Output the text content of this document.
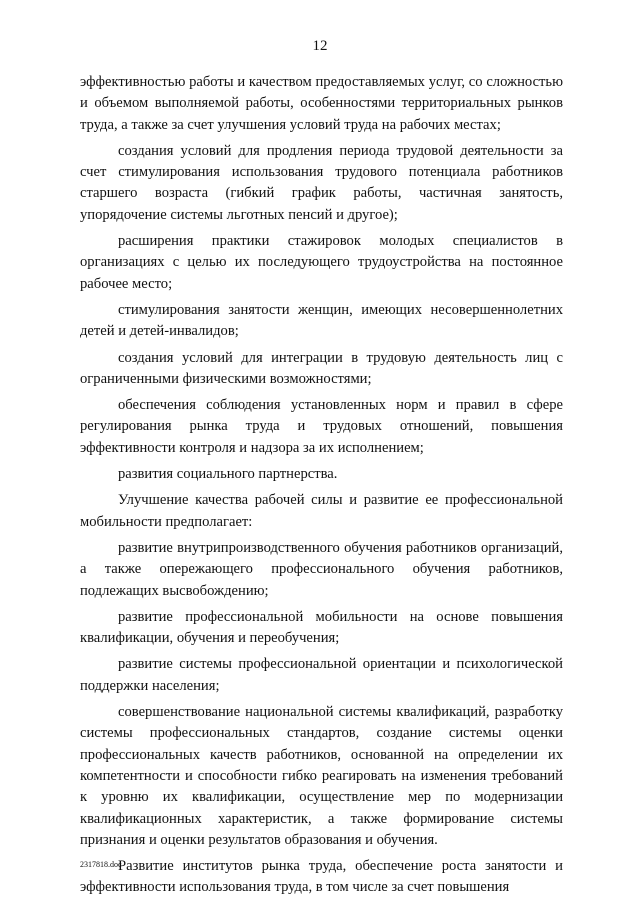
12

эффективностью работы и качеством предоставляемых услуг, со сложностью и объемом выполняемой работы, особенностями территориальных рынков труда, а также за счет улучшения условий труда на рабочих местах;

создания условий для продления периода трудовой деятельности за счет стимулирования использования трудового потенциала работников старшего возраста (гибкий график работы, частичная занятость, упорядочение системы льготных пенсий и другое);

расширения практики стажировок молодых специалистов в организациях с целью их последующего трудоустройства на постоянное рабочее место;

стимулирования занятости женщин, имеющих несовершеннолетних детей и детей-инвалидов;

создания условий для интеграции в трудовую деятельность лиц с ограниченными физическими возможностями;

обеспечения соблюдения установленных норм и правил в сфере регулирования рынка труда и трудовых отношений, повышения эффективности контроля и надзора за их исполнением;

развития социального партнерства.

Улучшение качества рабочей силы и развитие ее профессиональной мобильности предполагает:

развитие внутрипроизводственного обучения работников организаций, а также опережающего профессионального обучения работников, подлежащих высвобождению;

развитие профессиональной мобильности на основе повышения квалификации, обучения и переобучения;

развитие системы профессиональной ориентации и психологической поддержки населения;

совершенствование национальной системы квалификаций, разработку системы профессиональных стандартов, создание системы оценки профессиональных качеств работников, основанной на определении их компетентности и способности гибко реагировать на изменения требований к уровню их квалификации, осуществление мер по модернизации квалификационных характеристик, а также формирование системы признания и оценки результатов образования и обучения.

Развитие институтов рынка труда, обеспечение роста занятости и эффективности использования труда, в том числе за счет повышения

2317818.doc
